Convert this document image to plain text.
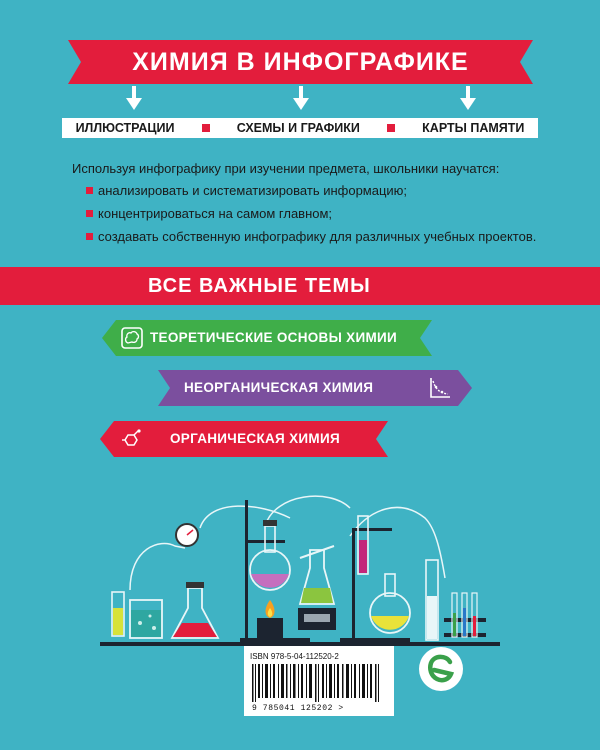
ХИМИЯ В ИНФОГРАФИКЕ
ИЛЛЮСТРАЦИИ	СХЕМЫ И ГРАФИКИ	КАРТЫ ПАМЯТИ
Используя инфографику при изучении предмета, школьники научатся:
анализировать и систематизировать информацию;
концентрироваться на самом главном;
создавать собственную инфографику для различных учебных проектов.
ВСЕ ВАЖНЫЕ ТЕМЫ
ТЕОРЕТИЧЕСКИЕ ОСНОВЫ ХИМИИ
НЕОРГАНИЧЕСКАЯ ХИМИЯ
ОРГАНИЧЕСКАЯ ХИМИЯ
ISBN 978-5-04-112520-2
9 785041 125202 >
